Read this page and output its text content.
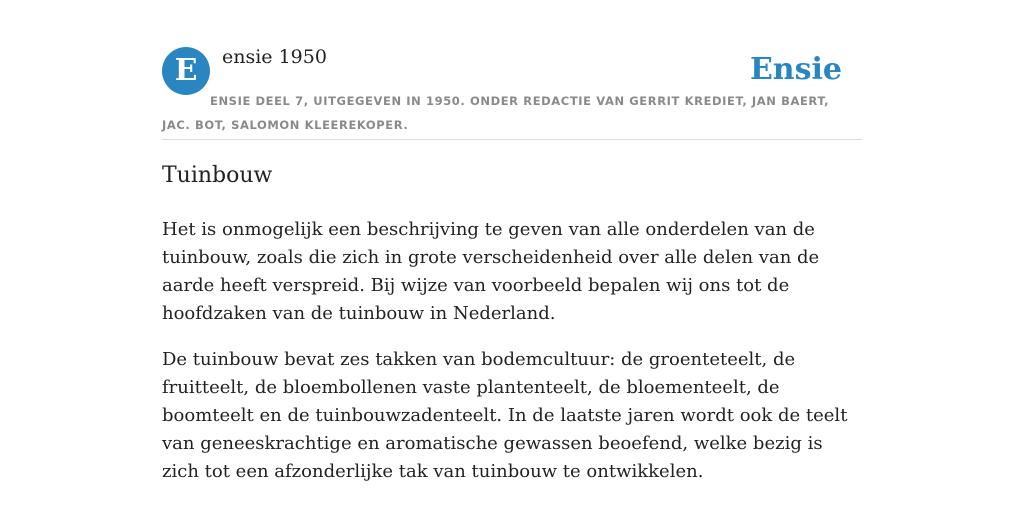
E ensie 1950	Ensie
ENSIE DEEL 7, UITGEGEVEN IN 1950. ONDER REDACTIE VAN GERRIT KREDIET, JAN BAERT, JAC. BOT, SALOMON KLEEREKOPER.
Tuinbouw

Het is onmogelijk een beschrijving te geven van alle onderdelen van de tuinbouw, zoals die zich in grote verscheidenheid over alle delen van de aarde heeft verspreid. Bij wijze van voorbeeld bepalen wij ons tot de hoofdzaken van de tuinbouw in Nederland.

De tuinbouw bevat zes takken van bodemcultuur: de groenteteelt, de fruitteelt, de bloembollenen vaste plantenteelt, de bloementeelt, de boomteelt en de tuinbouwzadenteelt. In de laatste jaren wordt ook de teelt van geneeskrachtige en aromatische gewassen beoefend, welke bezig is zich tot een afzonderlijke tak van tuinbouw te ontwikkelen.
